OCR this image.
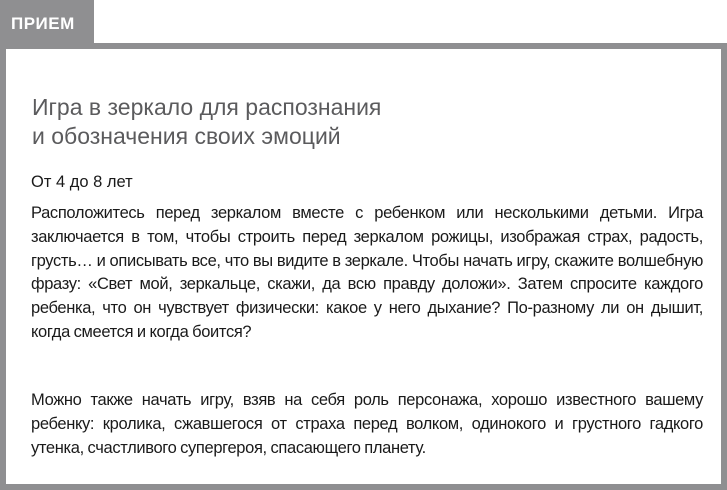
ПРИЕМ
Игра в зеркало для распознания
и обозначения своих эмоций

От 4 до 8 лет

Расположитесь перед зеркалом вместе с ребенком или несколькими детьми. Игра заключается в том, чтобы строить перед зеркалом рожицы, изображая страх, радость, грусть… и описывать все, что вы видите в зеркале. Чтобы начать игру, скажите волшебную фразу: «Свет мой, зеркальце, скажи, да всю правду доложи». Затем спросите каждого ребенка, что он чувствует физически: какое у него дыхание? По-разному ли он дышит, когда смеется и когда боится?

Можно также начать игру, взяв на себя роль персонажа, хорошо известного вашему ребенку: кролика, сжавшегося от страха перед волком, одинокого и грустного гадкого утенка, счастливого супергероя, спасающего планету.
